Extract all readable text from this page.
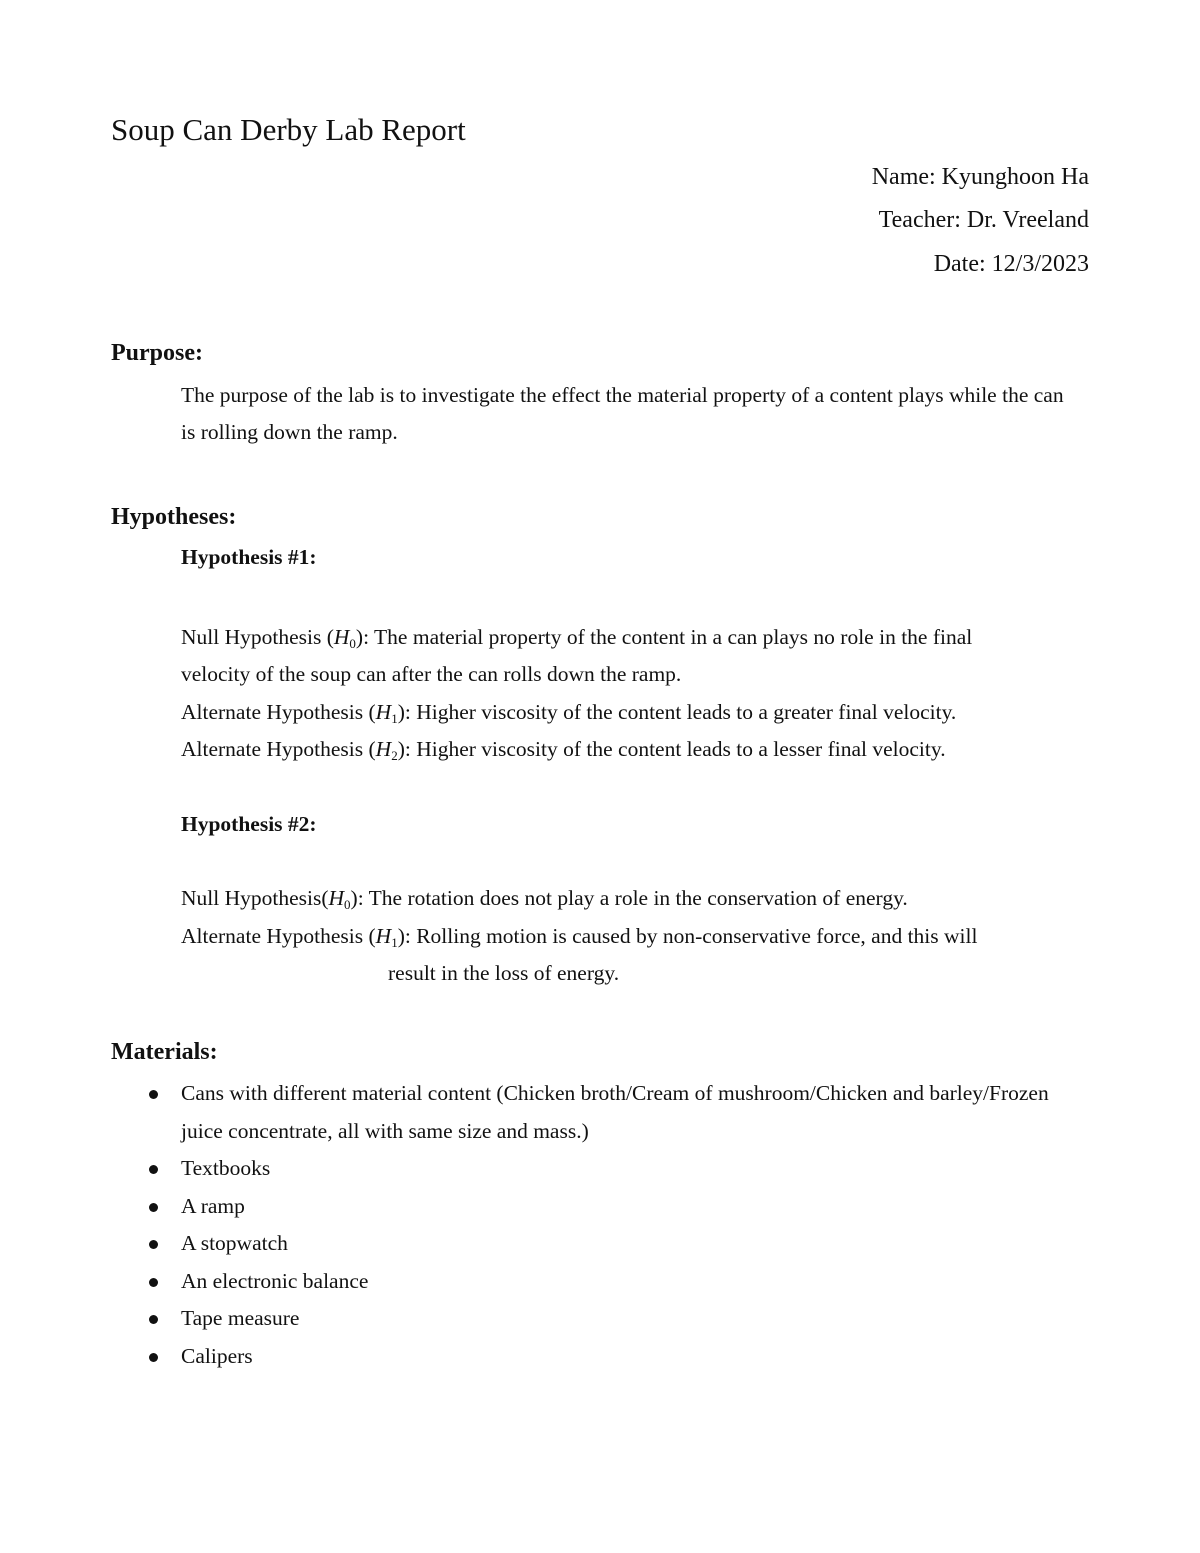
Soup Can Derby Lab Report
Name: Kyunghoon Ha
Teacher: Dr. Vreeland
Date: 12/3/2023
Purpose:
The purpose of the lab is to investigate the effect the material property of a content plays while the can is rolling down the ramp.
Hypotheses:
Hypothesis #1:
Null Hypothesis $(H_0)$: The material property of the content in a can plays no role in the final
velocity of the soup can after the can rolls down the ramp.
Alternate Hypothesis $(H_1)$: Higher viscosity of the content leads to a greater final velocity.
Alternate Hypothesis $(H_2)$: Higher viscosity of the content leads to a lesser final velocity.
Hypothesis #2:
Null $Hypothesis(H_0)$: The rotation does not play a role in the conservation of energy.
Alternate Hypothesis $(H_1)$: Rolling motion is caused by non-conservative force, and this will
result in the loss of energy.
Materials:
Cans with different material content (Chicken broth/Cream of mushroom/Chicken and barley/Frozen juice concentrate, all with same size and mass.)
Textbooks
A ramp
A stopwatch
An electronic balance
Tape measure
Calipers
